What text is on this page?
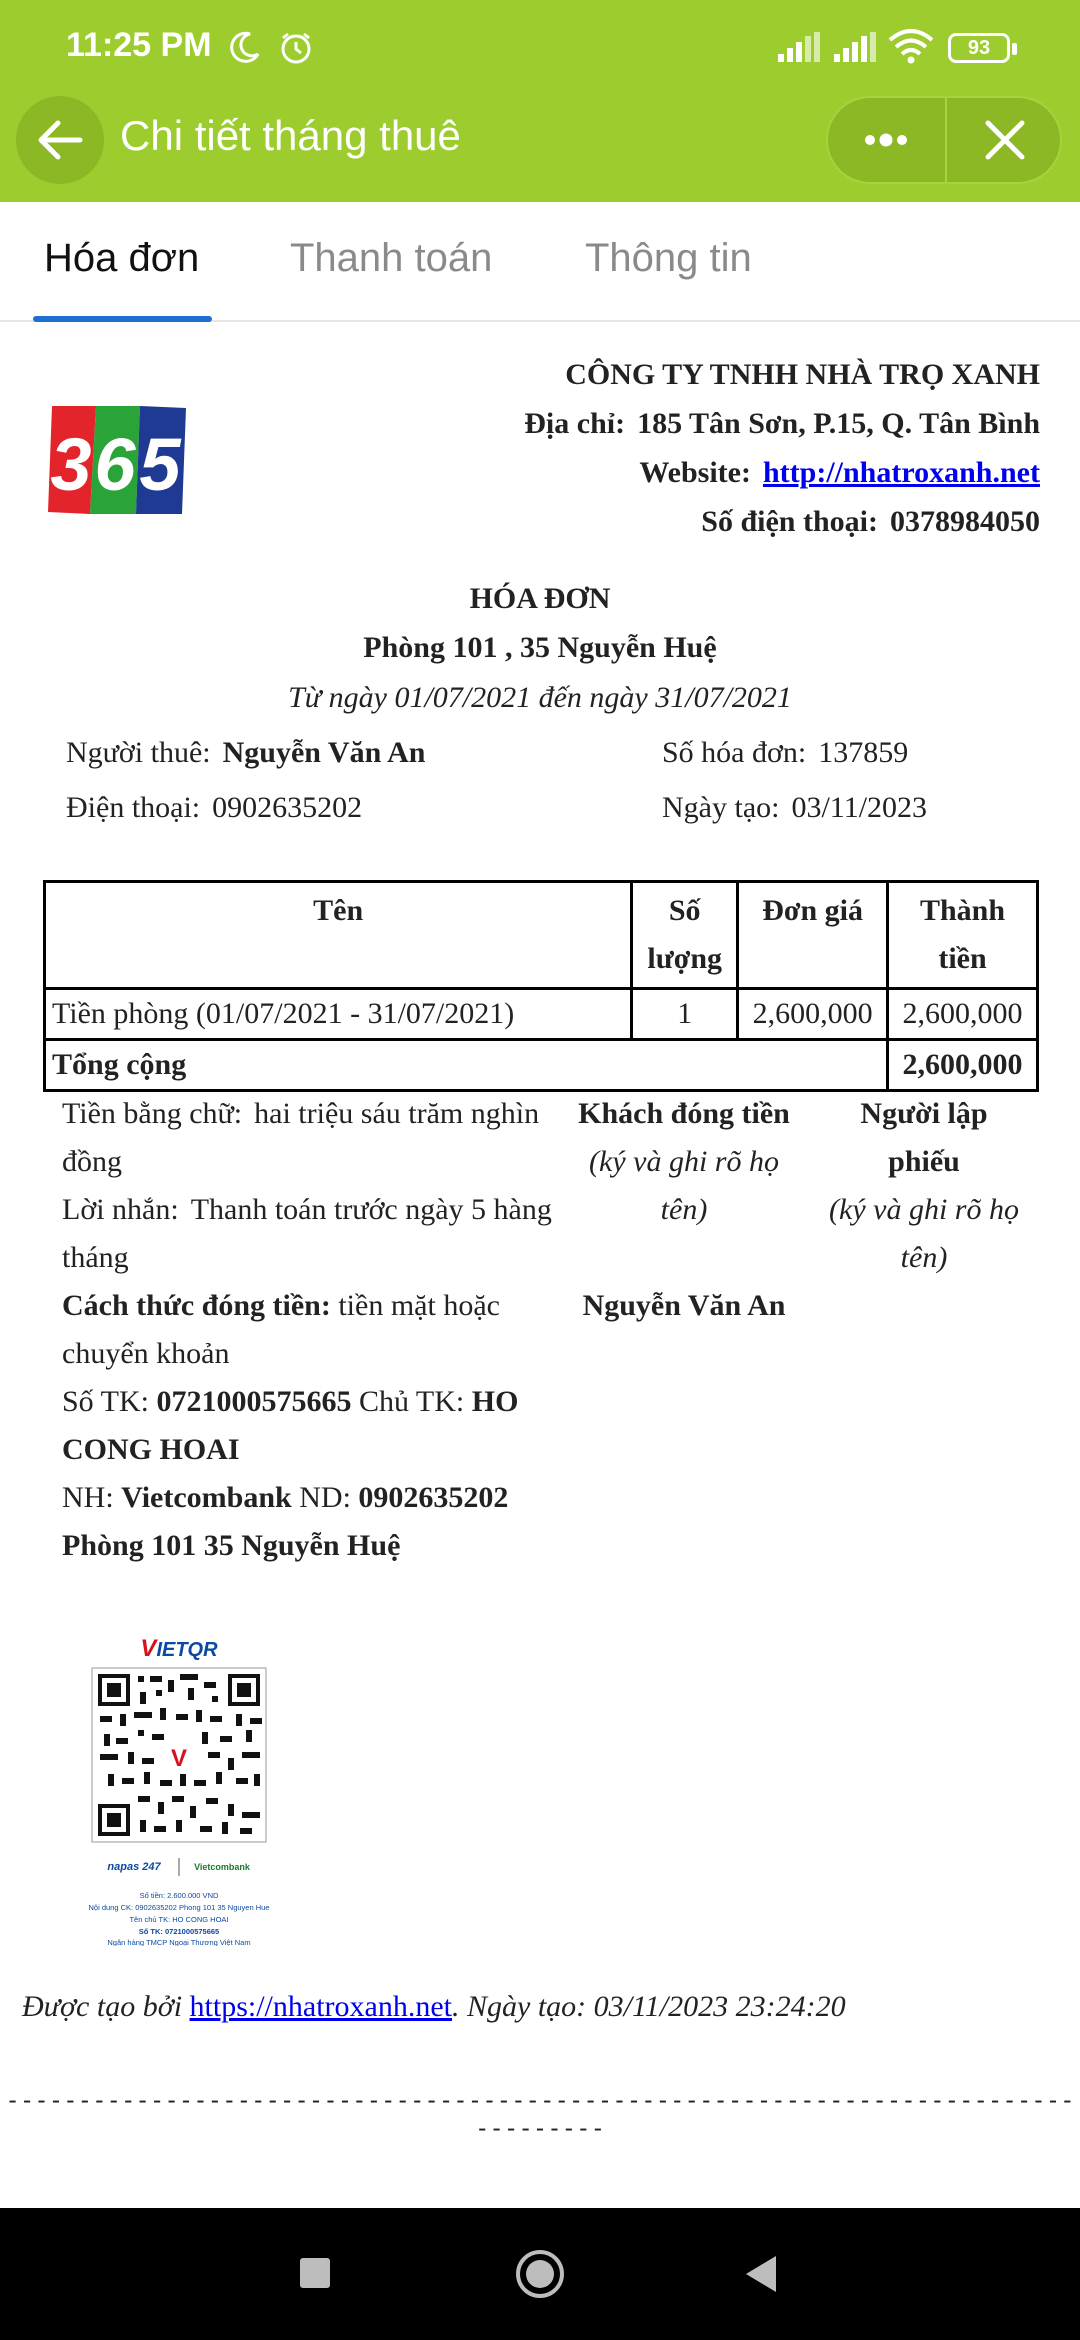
11:25 PM	93
Chi tiết tháng thuê
Hóa đơn Thanh toán Thông tin
3 6 5
CÔNG TY TNHH NHÀ TRỌ XANH
Địa chỉ: 185 Tân Sơn, P.15, Q. Tân Bình
Website: http://nhatroxanh.net
Số điện thoại: 0378984050
HÓA ĐƠN
Phòng 101 , 35 Nguyễn Huệ
Từ ngày 01/07/2021 đến ngày 31/07/2021
Người thuê: Nguyễn Văn An
Điện thoại: 0902635202
Số hóa đơn: 137859
Ngày tạo: 03/11/2023
Tên	Số lượng	Đơn giá	Thành tiền
Tiền phòng (01/07/2021 - 31/07/2021)	1	2,600,000	2,600,000
Tổng cộng			2,600,000
Tiền bằng chữ: hai triệu sáu trăm nghìn đồng
Lời nhắn: Thanh toán trước ngày 5 hàng tháng
Cách thức đóng tiền: tiền mặt hoặc chuyển khoản
Số TK: 0721000575665 Chủ TK: HO CONG HOAI
NH: Vietcombank ND: 0902635202 Phòng 101 35 Nguyễn Huệ
Khách đóng tiền
(ký và ghi rõ họ tên)
Nguyễn Văn An
Người lập phiếu
(ký và ghi rõ họ tên)
VIETQR
V
napas 247	Vietcombank
Số tiền: 2.600.000 VND
Nội dung CK: 0902635202 Phong 101 35 Nguyen Hue
Tên chủ TK: HO CONG HOAI
Số TK: 0721000575665
Ngân hàng TMCP Ngoại Thương Việt Nam
Được tạo bởi https://nhatroxanh.net. Ngày tạo: 03/11/2023 23:24:20
-----------------------------------------------------------------------------------
